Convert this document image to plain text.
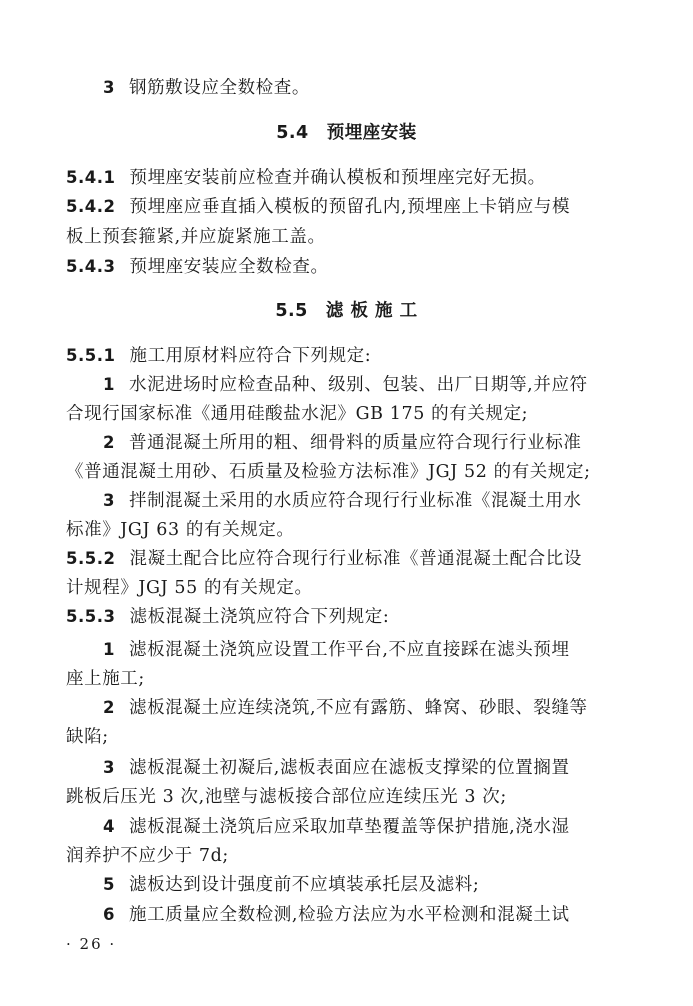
5.4 预埋座安装
5.5 滤 板 施 工
3 钢筋敷设应全数检查。
5.4.1 预埋座安装前应检查并确认模板和预埋座完好无损。
5.4.2 预埋座应垂直插入模板的预留孔内,预埋座上卡销应与模
板上预套箍紧,并应旋紧施工盖。
5.4.3 预埋座安装应全数检查。
5.5.1 施工用原材料应符合下列规定:
1 水泥进场时应检查品种、级别、包装、出厂日期等,并应符
合现行国家标准《通用硅酸盐水泥》GB 175 的有关规定;
2 普通混凝土所用的粗、细骨料的质量应符合现行行业标准
《普通混凝土用砂、石质量及检验方法标准》JGJ 52 的有关规定;
3 拌制混凝土采用的水质应符合现行行业标准《混凝土用水
标准》JGJ 63 的有关规定。
5.5.2 混凝土配合比应符合现行行业标准《普通混凝土配合比设
计规程》JGJ 55 的有关规定。
5.5.3 滤板混凝土浇筑应符合下列规定:
1 滤板混凝土浇筑应设置工作平台,不应直接踩在滤头预埋
座上施工;
2 滤板混凝土应连续浇筑,不应有露筋、蜂窝、砂眼、裂缝等
缺陷;
3 滤板混凝土初凝后,滤板表面应在滤板支撑梁的位置搁置
跳板后压光 3 次,池壁与滤板接合部位应连续压光 3 次;
4 滤板混凝土浇筑后应采取加草垫覆盖等保护措施,浇水湿
润养护不应少于 7d;
5 滤板达到设计强度前不应填装承托层及滤料;
6 施工质量应全数检测,检验方法应为水平检测和混凝土试
· 26 ·
